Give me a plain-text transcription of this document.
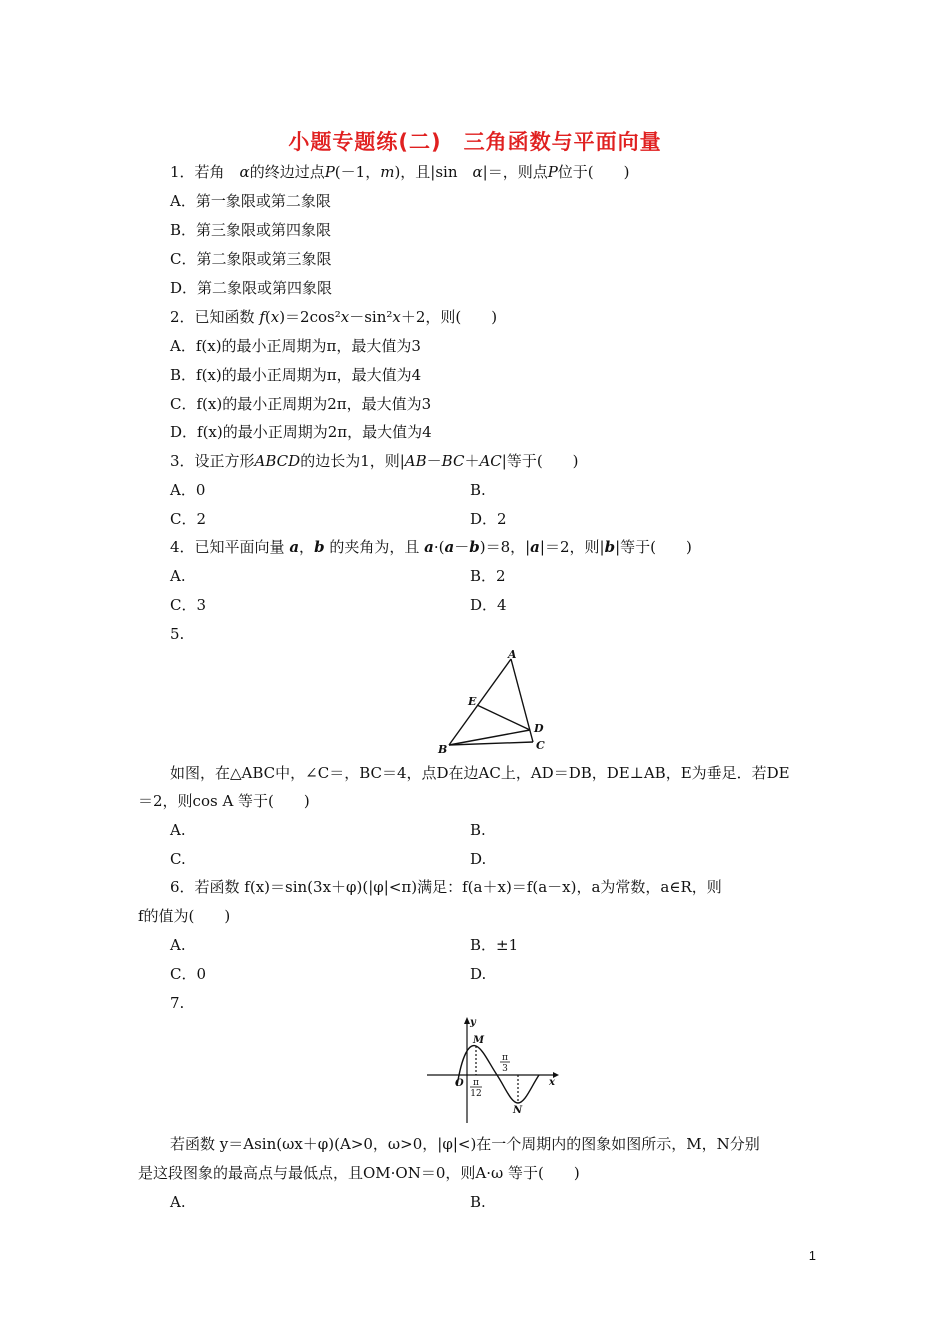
小题专题练(二)　三角函数与平面向量
1．若角　α的终边过点P(－1，m)，且|sin　α|＝，则点P位于(　　)
A．第一象限或第二象限
B．第三象限或第四象限
C．第二象限或第三象限
D．第二象限或第四象限
2．已知函数 f(x)＝2cos²x－sin²x＋2，则(　　)
A．f(x)的最小正周期为π，最大值为3
B．f(x)的最小正周期为π，最大值为4
C．f(x)的最小正周期为2π，最大值为3
D．f(x)的最小正周期为2π，最大值为4
3．设正方形ABCD的边长为1，则|AB－BC＋AC|等于(　　)
A．0	B.
C．2	D．2
4．已知平面向量 a，b 的夹角为，且 a·(a－b)＝8，|a|＝2，则|b|等于(　　)
A.	B．2
C．3	D．4
5.
A
B	C
D
E
如图，在△ABC中，∠C＝，BC＝4，点D在边AC上，AD＝DB，DE⊥AB，E为垂足．若DE
＝2，则cos A 等于(　　)
A.	B.
C.	D.
6．若函数 f(x)＝sin(3x＋φ)(|φ|<π)满足：f(a＋x)＝f(a－x)，a为常数，a∈R，则
f的值为(　　)
A.	B．±1
C．0	D.
7.
y
x
O
M
N
π
3
π
12
若函数 y＝Asin(ωx＋φ)(A>0，ω>0，|φ|<)在一个周期内的图象如图所示，M，N分别
是这段图象的最高点与最低点，且OM·ON＝0，则A·ω 等于(　　)
A.	B.
1
